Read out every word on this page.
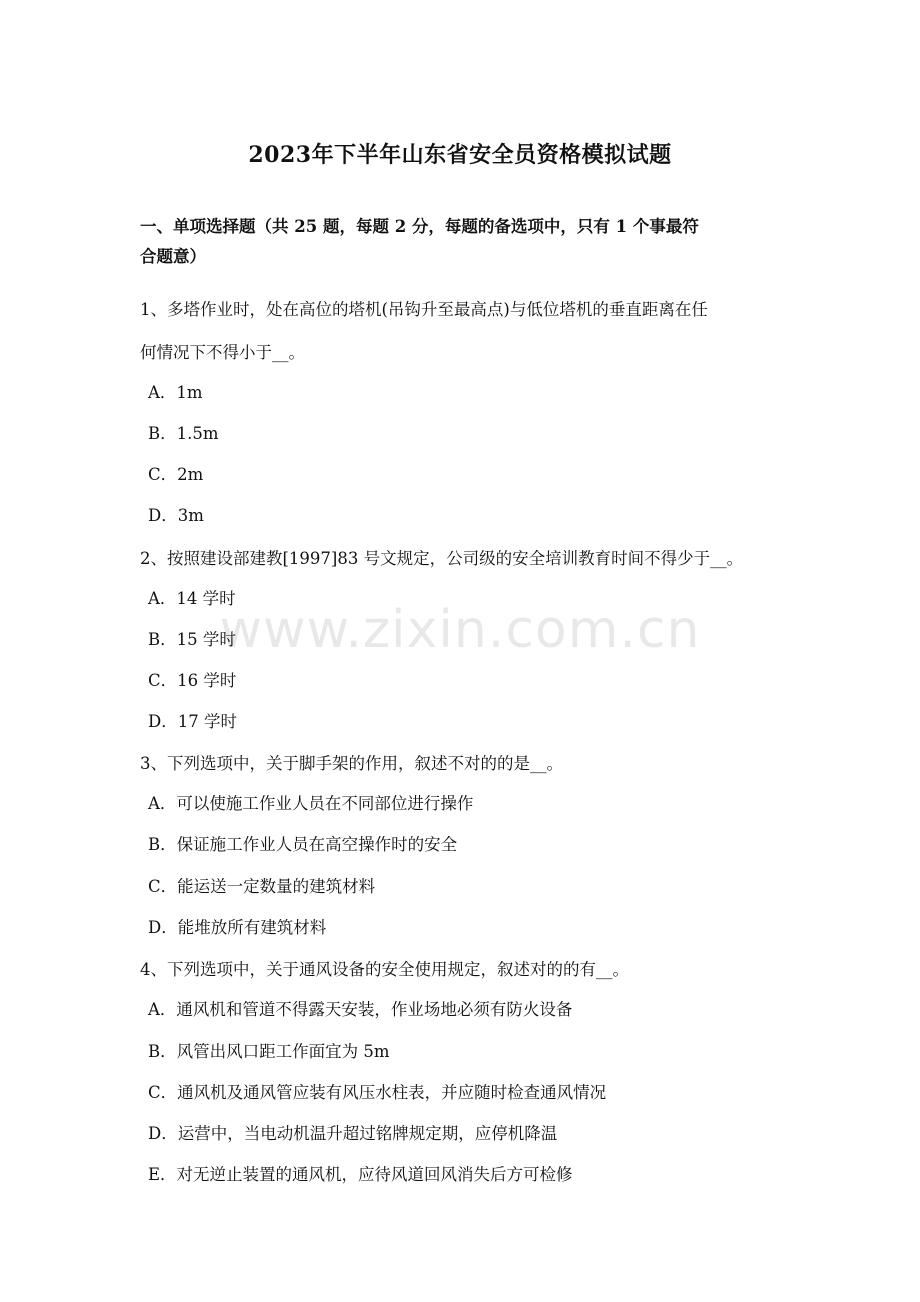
www.zixin.com.cn
2023年下半年山东省安全员资格模拟试题
一、单项选择题（共 25 题，每题 2 分，每题的备选项中，只有 1 个事最符
合题意）
1、多塔作业时，处在高位的塔机(吊钩升至最高点)与低位塔机的垂直距离在任
何情况下不得小于__。
A．1m
B．1.5m
C．2m
D．3m
2、按照建设部建教[1997]83 号文规定，公司级的安全培训教育时间不得少于__。
A．14 学时
B．15 学时
C．16 学时
D．17 学时
3、下列选项中，关于脚手架的作用，叙述不对的的是__。
A．可以使施工作业人员在不同部位进行操作
B．保证施工作业人员在高空操作时的安全
C．能运送一定数量的建筑材料
D．能堆放所有建筑材料
4、下列选项中，关于通风设备的安全使用规定，叙述对的的有__。
A．通风机和管道不得露天安装，作业场地必须有防火设备
B．风管出风口距工作面宜为 5m
C．通风机及通风管应装有风压水柱表，并应随时检查通风情况
D．运营中，当电动机温升超过铭牌规定期，应停机降温
E．对无逆止装置的通风机，应待风道回风消失后方可检修
